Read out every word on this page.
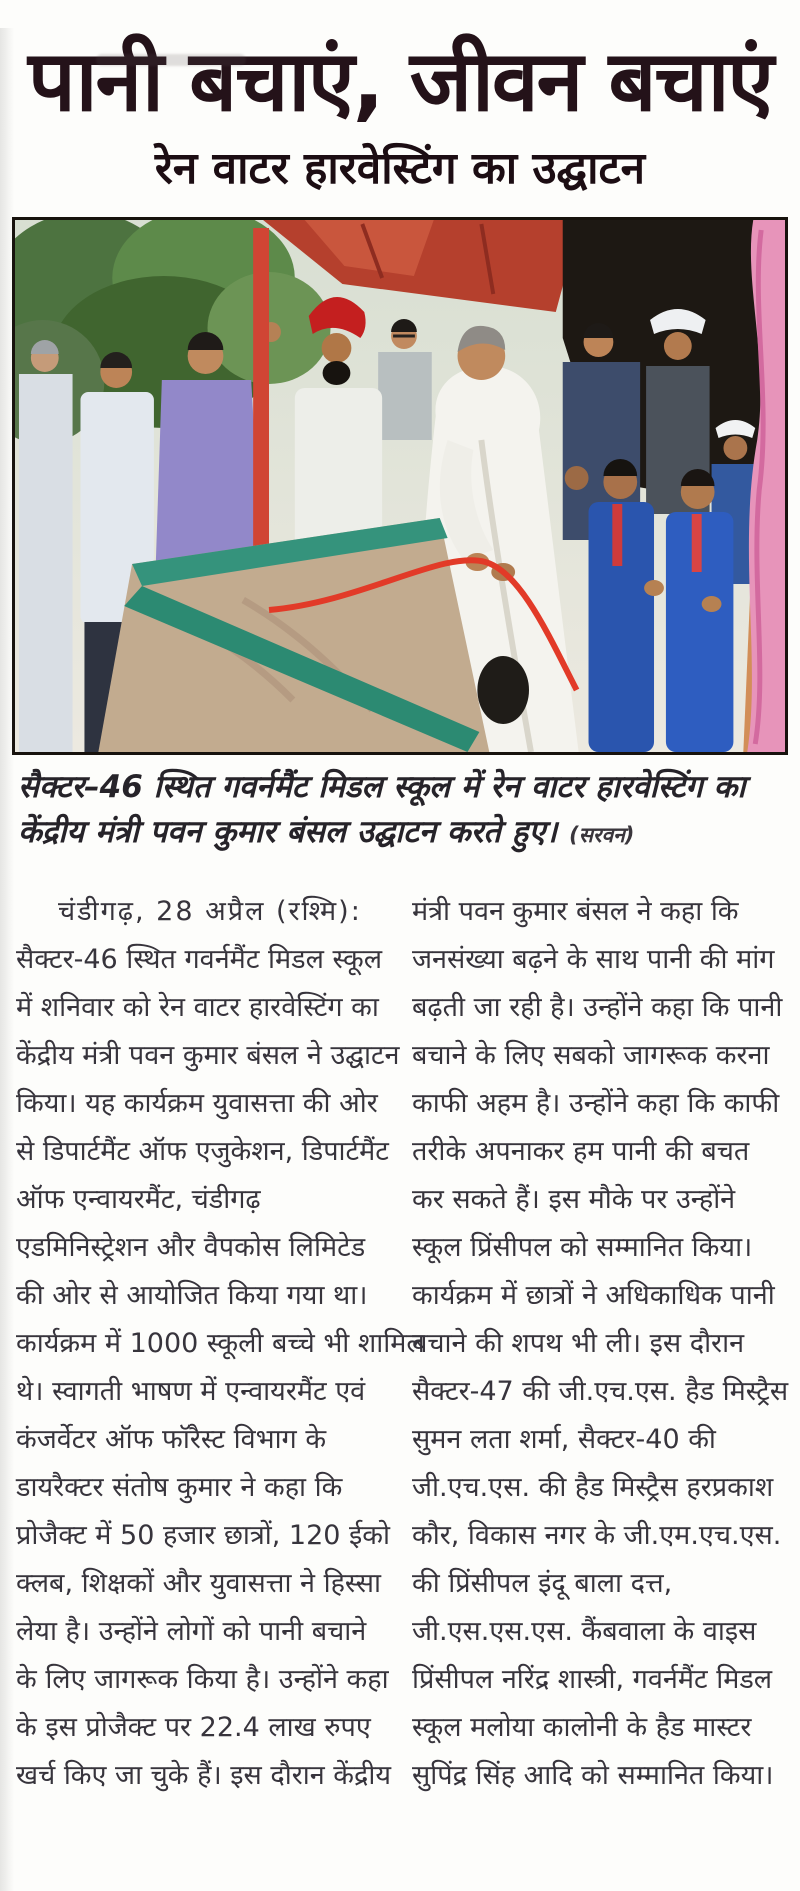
पानी बचाएं, जीवन बचाएं
रेन वाटर हारवेस्टिंग का उद्घाटन

सैक्टर–46 स्थित गवर्नमैंट मिडल स्कूल में रेन वाटर हारवेस्टिंग का केंद्रीय मंत्री पवन कुमार बंसल उद्घाटन करते हुए। (सरवन)

चंडीगढ़, 28 अप्रैल (रश्मि):
सैक्टर-46 स्थित गवर्नमैंट मिडल स्कूल
में शनिवार को रेन वाटर हारवेस्टिंग का
केंद्रीय मंत्री पवन कुमार बंसल ने उद्घाटन
किया। यह कार्यक्रम युवासत्ता की ओर
से डिपार्टमैंट ऑफ एजुकेशन, डिपार्टमैंट
ऑफ एन्वायरमैंट, चंडीगढ़
एडमिनिस्ट्रेशन और वैपकोस लिमिटेड
की ओर से आयोजित किया गया था।
कार्यक्रम में 1000 स्कूली बच्चे भी शामिल
थे। स्वागती भाषण में एन्वायरमैंट एवं
कंजर्वेटर ऑफ फॉरैस्ट विभाग के
डायरैक्टर संतोष कुमार ने कहा कि
प्रोजैक्ट में 50 हजार छात्रों, 120 ईको
क्लब, शिक्षकों और युवासत्ता ने हिस्सा
लेया है। उन्होंने लोगों को पानी बचाने
के लिए जागरूक किया है। उन्होंने कहा
के इस प्रोजैक्ट पर 22.4 लाख रुपए
खर्च किए जा चुके हैं। इस दौरान केंद्रीय
मंत्री पवन कुमार बंसल ने कहा कि
जनसंख्या बढ़ने के साथ पानी की मांग
बढ़ती जा रही है। उन्होंने कहा कि पानी
बचाने के लिए सबको जागरूक करना
काफी अहम है। उन्होंने कहा कि काफी
तरीके अपनाकर हम पानी की बचत
कर सकते हैं। इस मौके पर उन्होंने
स्कूल प्रिंसीपल को सम्मानित किया।
कार्यक्रम में छात्रों ने अधिकाधिक पानी
बचाने की शपथ भी ली। इस दौरान
सैक्टर-47 की जी.एच.एस. हैड मिस्ट्रैस
सुमन लता शर्मा, सैक्टर-40 की
जी.एच.एस. की हैड मिस्ट्रैस हरप्रकाश
कौर, विकास नगर के जी.एम.एच.एस.
की प्रिंसीपल इंदू बाला दत्त,
जी.एस.एस.एस. कैंबवाला के वाइस
प्रिंसीपल नरिंद्र शास्त्री, गवर्नमैंट मिडल
स्कूल मलोया कालोनी के हैड मास्टर
सुपिंद्र सिंह आदि को सम्मानित किया।
